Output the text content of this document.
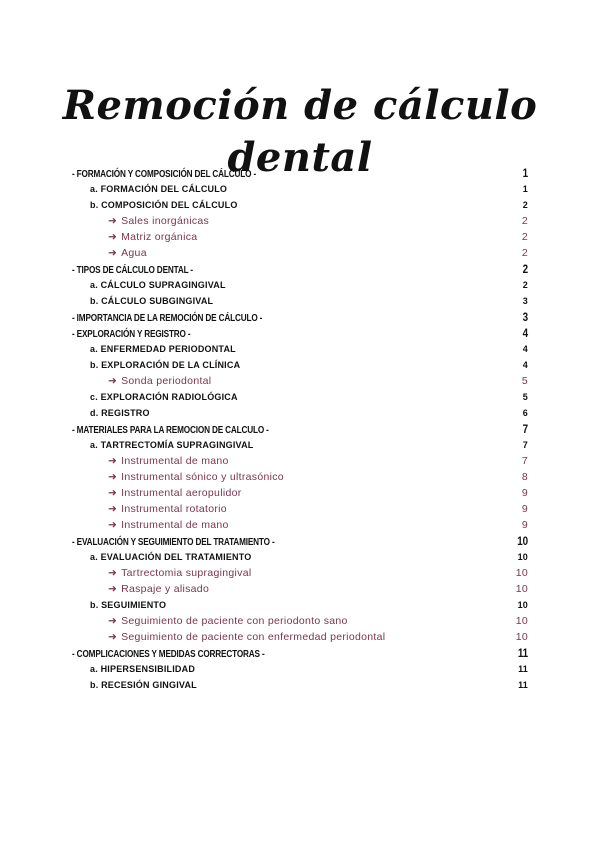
Remoción de cálculo dental
- FORMACIÓN Y COMPOSICIÓN DEL CÁLCULO -	1
a. FORMACIÓN DEL CÁLCULO	1
b. COMPOSICIÓN DEL CÁLCULO	2
➜ Sales inorgánicas	2
➜ Matriz orgánica	2
➜ Agua	2
- TIPOS DE CÁLCULO DENTAL -	2
a. CÁLCULO SUPRAGINGIVAL	2
b. CÁLCULO SUBGINGIVAL	3
- IMPORTANCIA DE LA REMOCIÓN DE CÁLCULO -	3
- EXPLORACIÓN Y REGISTRO -	4
a. ENFERMEDAD PERIODONTAL	4
b. EXPLORACIÓN DE LA CLÍNICA	4
➜ Sonda periodontal	5
c. EXPLORACIÓN RADIOLÓGICA	5
d. REGISTRO	6
- MATERIALES PARA LA REMOCION DE CALCULO -	7
a. TARTRECTOMÍA SUPRAGINGIVAL	7
➜ Instrumental de mano	7
➜ Instrumental sónico y ultrasónico	8
➜ Instrumental aeropulidor	9
➜ Instrumental rotatorio	9
➜ Instrumental de mano	9
- EVALUACIÓN Y SEGUIMIENTO DEL TRATAMIENTO -	10
a. EVALUACIÓN DEL TRATAMIENTO	10
➜ Tartrectomia supragingival	10
➜ Raspaje y alisado	10
b. SEGUIMIENTO	10
➜ Seguimiento de paciente con periodonto sano	10
➜ Seguimiento de paciente con enfermedad periodontal	10
- COMPLICACIONES Y MEDIDAS CORRECTORAS -	11
a. HIPERSENSIBILIDAD	11
b. RECESIÓN GINGIVAL	11
